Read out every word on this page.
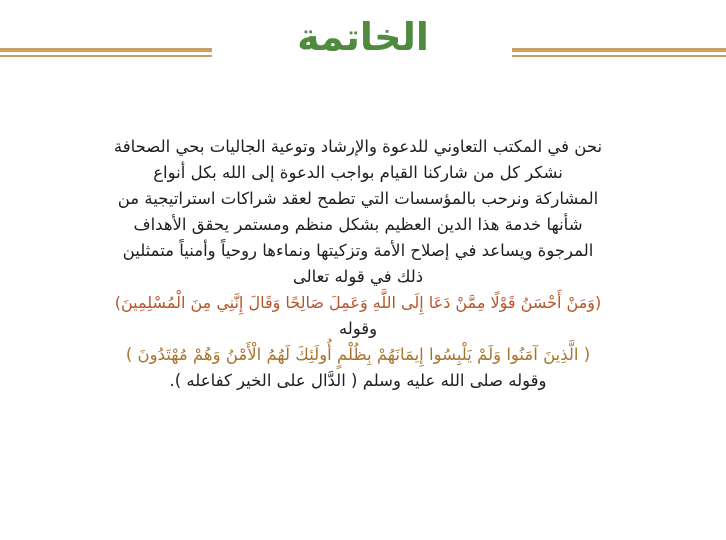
الخاتمة
نحن في المكتب التعاوني للدعوة والإرشاد وتوعية الجاليات بحي الصحافة
نشكر كل من شاركنا القيام بواجب الدعوة إلى الله بكل أنواع
المشاركة ونرحب بالمؤسسات التي تطمح لعقد شراكات استراتيجية من
شأنها خدمة هذا الدين العظيم بشكل منظم ومستمر يحقق الأهداف
المرجوة ويساعد في إصلاح الأمة وتزكيتها ونماءها روحياً وأمنياً متمثلين
ذلك في قوله تعالى
(وَمَنْ أَحْسَنُ قَوْلًا مِمَّنْ دَعَا إِلَى اللَّهِ وَعَمِلَ صَالِحًا وَقَالَ إِنَّنِي مِنَ الْمُسْلِمِينَ)
وقوله
( الَّذِينَ آمَنُوا وَلَمْ يَلْبِسُوا إِيمَانَهُمْ بِظُلْمٍ أُولَئِكَ لَهُمُ الْأَمْنُ وَهُمْ مُهْتَدُونَ )
وقوله صلى الله عليه وسلم ( الدَّال على الخير كفاعله ).
